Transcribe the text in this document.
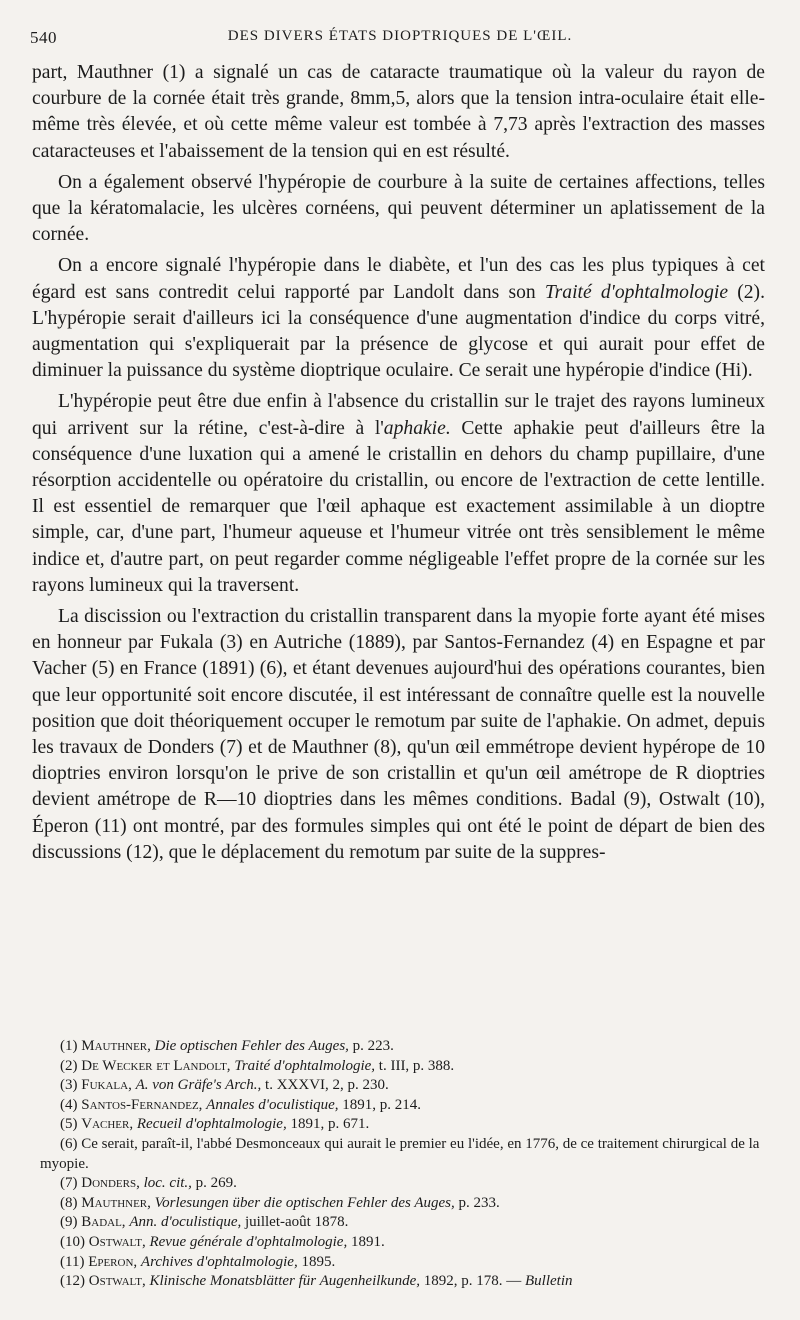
540	DES DIVERS ÉTATS DIOPTRIQUES DE L'ŒIL.

part, Mauthner (1) a signalé un cas de cataracte traumatique où la valeur du rayon de courbure de la cornée était très grande, 8mm,5, alors que la tension intra-oculaire était elle-même très élevée, et où cette même valeur est tombée à 7,73 après l'extraction des masses cataracteuses et l'abaissement de la tension qui en est résulté.

On a également observé l'hypéropie de courbure à la suite de certaines affections, telles que la kératomalacie, les ulcères cornéens, qui peuvent déterminer un aplatissement de la cornée.

On a encore signalé l'hypéropie dans le diabète, et l'un des cas les plus typiques à cet égard est sans contredit celui rapporté par Landolt dans son Traité d'ophtalmologie (2). L'hypéropie serait d'ailleurs ici la conséquence d'une augmentation d'indice du corps vitré, augmentation qui s'expliquerait par la présence de glycose et qui aurait pour effet de diminuer la puissance du système dioptrique oculaire. Ce serait une hypéropie d'indice (Hi).

L'hypéropie peut être due enfin à l'absence du cristallin sur le trajet des rayons lumineux qui arrivent sur la rétine, c'est-à-dire à l'aphakie. Cette aphakie peut d'ailleurs être la conséquence d'une luxation qui a amené le cristallin en dehors du champ pupillaire, d'une résorption accidentelle ou opératoire du cristallin, ou encore de l'extraction de cette lentille. Il est essentiel de remarquer que l'œil aphaque est exactement assimilable à un dioptre simple, car, d'une part, l'humeur aqueuse et l'humeur vitrée ont très sensiblement le même indice et, d'autre part, on peut regarder comme négligeable l'effet propre de la cornée sur les rayons lumineux qui la traversent.

La discission ou l'extraction du cristallin transparent dans la myopie forte ayant été mises en honneur par Fukala (3) en Autriche (1889), par Santos-Fernandez (4) en Espagne et par Vacher (5) en France (1891) (6), et étant devenues aujourd'hui des opérations courantes, bien que leur opportunité soit encore discutée, il est intéressant de connaître quelle est la nouvelle position que doit théoriquement occuper le remotum par suite de l'aphakie. On admet, depuis les travaux de Donders (7) et de Mauthner (8), qu'un œil emmétrope devient hypérope de 10 dioptries environ lorsqu'on le prive de son cristallin et qu'un œil amétrope de R dioptries devient amétrope de R—10 dioptries dans les mêmes conditions. Badal (9), Ostwalt (10), Éperon (11) ont montré, par des formules simples qui ont été le point de départ de bien des discussions (12), que le déplacement du remotum par suite de la suppres-

(1) Mauthner, Die optischen Fehler des Auges, p. 223.

(2) De Wecker et Landolt, Traité d'ophtalmologie, t. III, p. 388.

(3) Fukala, A. von Gräfe's Arch., t. XXXVI, 2, p. 230.

(4) Santos-Fernandez, Annales d'oculistique, 1891, p. 214.

(5) Vacher, Recueil d'ophtalmologie, 1891, p. 671.

(6) Ce serait, paraît-il, l'abbé Desmonceaux qui aurait le premier eu l'idée, en 1776, de ce traitement chirurgical de la myopie.

(7) Donders, loc. cit., p. 269.

(8) Mauthner, Vorlesungen über die optischen Fehler des Auges, p. 233.

(9) Badal, Ann. d'oculistique, juillet-août 1878.

(10) Ostwalt, Revue générale d'ophtalmologie, 1891.

(11) Eperon, Archives d'ophtalmologie, 1895.

(12) Ostwalt, Klinische Monatsblätter für Augenheilkunde, 1892, p. 178. — Bulletin
